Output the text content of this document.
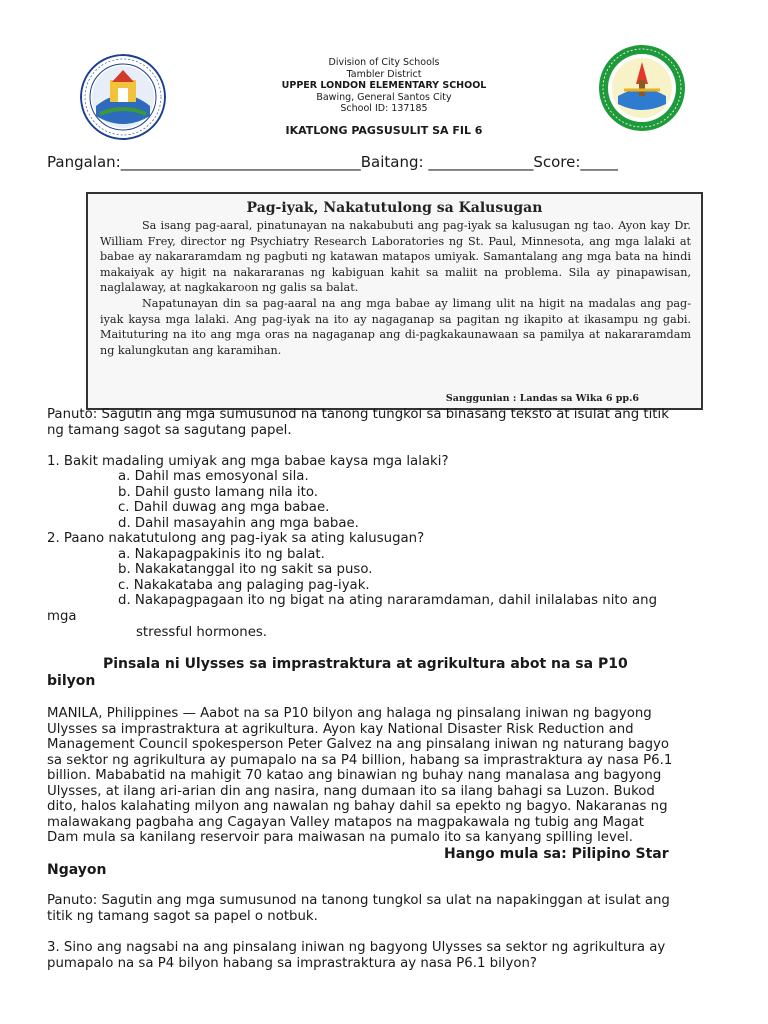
Division of City Schools
Tambler District
UPPER LONDON ELEMENTARY SCHOOL
Bawing, General Santos City
School ID: 137185
IKATLONG PAGSUSULIT SA FIL 6
Pangalan:________________________________Baitang: ______________Score:_____
Pag-iyak, Nakatutulong sa Kalusugan

Sa isang pag-aaral, pinatunayan na nakabubuti ang pag-iyak sa kalusugan ng tao. Ayon kay Dr. William Frey, director ng Psychiatry Research Laboratories ng St. Paul, Minnesota, ang mga lalaki at babae ay nakararamdam ng pagbuti ng katawan matapos umiyak. Samantalang ang mga bata na hindi makaiyak ay higit na nakararanas ng kabiguan kahit sa maliit na problema. Sila ay pinapawisan, naglalaway, at nagkakaroon ng galis sa balat.

Napatunayan din sa pag-aaral na ang mga babae ay limang ulit na higit na madalas ang pag-iyak kaysa mga lalaki. Ang pag-iyak na ito ay nagaganap sa pagitan ng ikapito at ikasampu ng gabi. Maituturing na ito ang mga oras na nagaganap ang di-pagkakaunawaan sa pamilya at nakararamdam ng kalungkutan ang karamihan.

Sanggunian : Landas sa Wika 6 pp.6
Panuto: Sagutin ang mga sumusunod na tanong tungkol sa binasang teksto at isulat ang titik
ng tamang sagot sa sagutang papel.
1. Bakit madaling umiyak ang mga babae kaysa mga lalaki?
a. Dahil mas emosyonal sila.
b. Dahil gusto lamang nila ito.
c. Dahil duwag ang mga babae.
d. Dahil masayahin ang mga babae.
2. Paano nakatutulong ang pag-iyak sa ating kalusugan?
a. Nakapagpakinis ito ng balat.
b. Nakakatanggal ito ng sakit sa puso.
c. Nakakataba ang palaging pag-iyak.
d. Nakapagpagaan ito ng bigat na ating nararamdaman, dahil inilalabas nito ang
mga
stressful hormones.
Pinsala ni Ulysses sa imprastraktura at agrikultura abot na sa P10
bilyon
MANILA, Philippines — Aabot na sa P10 bilyon ang halaga ng pinsalang iniwan ng bagyong
Ulysses sa imprastraktura at agrikultura. Ayon kay National Disaster Risk Reduction and
Management Council spokesperson Peter Galvez na ang pinsalang iniwan ng naturang bagyo
sa sektor ng agrikultura ay pumapalo na sa P4 billion, habang sa imprastraktura ay nasa P6.1
billion. Mababatid na mahigit 70 katao ang binawian ng buhay nang manalasa ang bagyong
Ulysses, at ilang ari-arian din ang nasira, nang dumaan ito sa ilang bahagi sa Luzon. Bukod
dito, halos kalahating milyon ang nawalan ng bahay dahil sa epekto ng bagyo. Nakaranas ng
malawakang pagbaha ang Cagayan Valley matapos na magpakawala ng tubig ang Magat
Dam mula sa kanilang reservoir para maiwasan na pumalo ito sa kanyang spilling level.
Hango mula sa: Pilipino Star
Ngayon
Panuto: Sagutin ang mga sumusunod na tanong tungkol sa ulat na napakinggan at isulat ang
titik ng tamang sagot sa papel o notbuk.
3. Sino ang nagsabi na ang pinsalang iniwan ng bagyong Ulysses sa sektor ng agrikultura ay
pumapalo na sa P4 bilyon habang sa imprastraktura ay nasa P6.1 bilyon?
